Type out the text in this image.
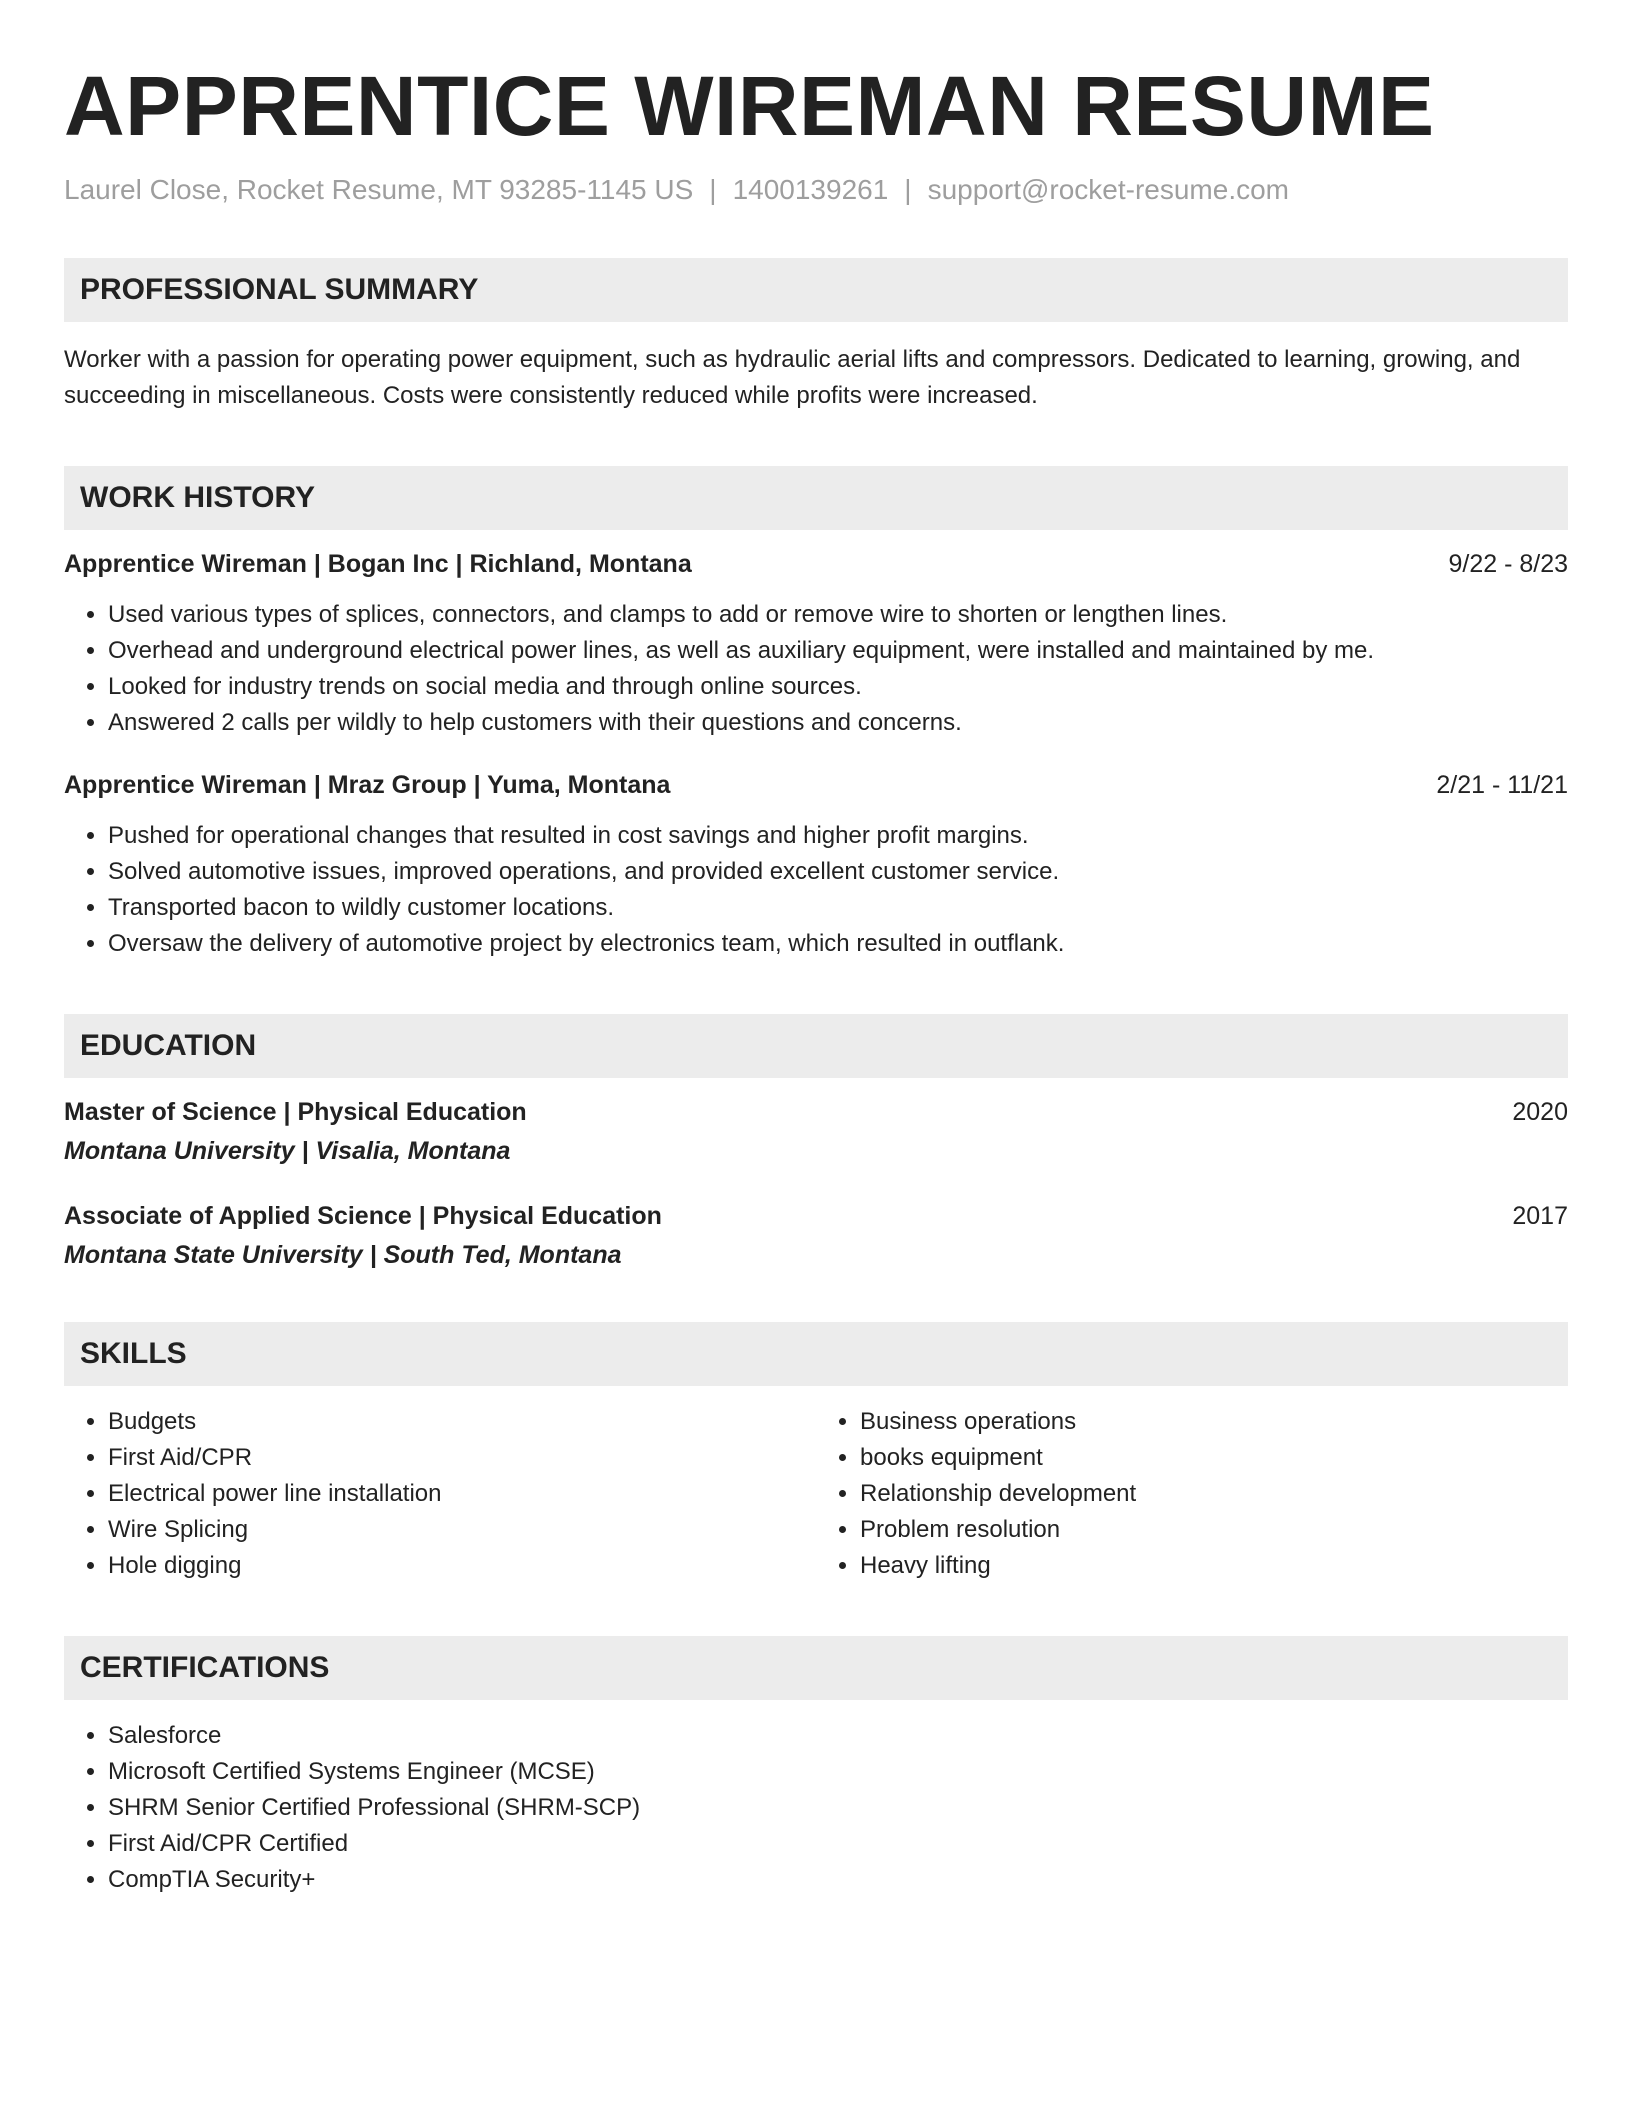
APPRENTICE WIREMAN RESUME
Laurel Close, Rocket Resume, MT 93285-1145 US | 1400139261 | support@rocket-resume.com
PROFESSIONAL SUMMARY
Worker with a passion for operating power equipment, such as hydraulic aerial lifts and compressors. Dedicated to learning, growing, and succeeding in miscellaneous. Costs were consistently reduced while profits were increased.
WORK HISTORY
Apprentice Wireman | Bogan Inc | Richland, Montana	9/22 - 8/23
• Used various types of splices, connectors, and clamps to add or remove wire to shorten or lengthen lines.
• Overhead and underground electrical power lines, as well as auxiliary equipment, were installed and maintained by me.
• Looked for industry trends on social media and through online sources.
• Answered 2 calls per wildly to help customers with their questions and concerns.
Apprentice Wireman | Mraz Group | Yuma, Montana	2/21 - 11/21
• Pushed for operational changes that resulted in cost savings and higher profit margins.
• Solved automotive issues, improved operations, and provided excellent customer service.
• Transported bacon to wildly customer locations.
• Oversaw the delivery of automotive project by electronics team, which resulted in outflank.
EDUCATION
Master of Science | Physical Education	2020
Montana University | Visalia, Montana
Associate of Applied Science | Physical Education	2017
Montana State University | South Ted, Montana
SKILLS
• Budgets
• First Aid/CPR
• Electrical power line installation
• Wire Splicing
• Hole digging
• Business operations
• books equipment
• Relationship development
• Problem resolution
• Heavy lifting
CERTIFICATIONS
• Salesforce
• Microsoft Certified Systems Engineer (MCSE)
• SHRM Senior Certified Professional (SHRM-SCP)
• First Aid/CPR Certified
• CompTIA Security+
